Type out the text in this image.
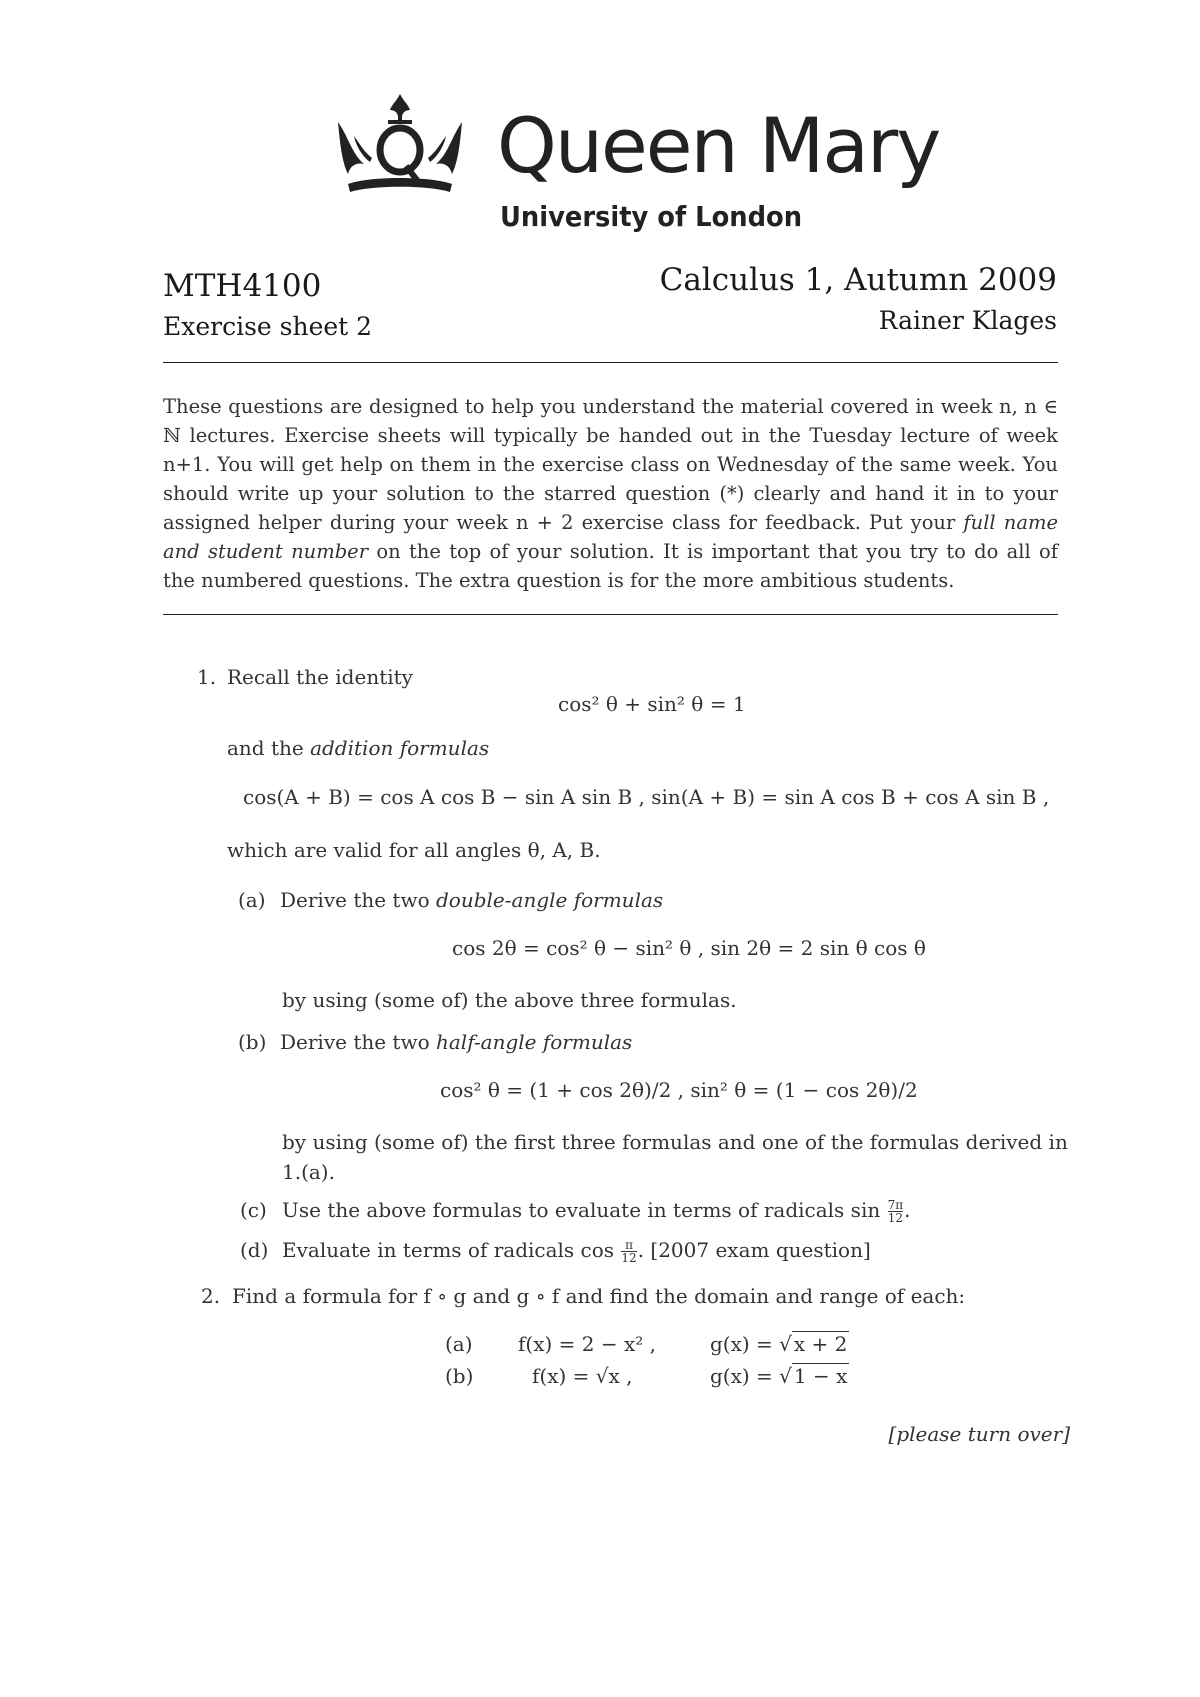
Queen Mary
University of London
MTH4100
Exercise sheet 2
Calculus 1, Autumn 2009
Rainer Klages
These questions are designed to help you understand the material covered in week n, n ∈ ℕ lectures. Exercise sheets will typically be handed out in the Tuesday lecture of week n+1. You will get help on them in the exercise class on Wednesday of the same week. You should write up your solution to the starred question (*) clearly and hand it in to your assigned helper during your week n + 2 exercise class for feedback. Put your full name and student number on the top of your solution. It is important that you try to do all of the numbered questions. The extra question is for the more ambitious students.
1. Recall the identity
cos² θ + sin² θ = 1
and the addition formulas
cos(A + B) = cos A cos B − sin A sin B , sin(A + B) = sin A cos B + cos A sin B ,
which are valid for all angles θ, A, B.
(a) Derive the two double-angle formulas
cos 2θ = cos² θ − sin² θ , sin 2θ = 2 sin θ cos θ
by using (some of) the above three formulas.
(b) Derive the two half-angle formulas
cos² θ = (1 + cos 2θ)/2 , sin² θ = (1 − cos 2θ)/2
by using (some of) the first three formulas and one of the formulas derived in
1.(a).
(c) Use the above formulas to evaluate in terms of radicals $\sin \frac{7\pi}{12}$ .
(d) Evaluate in terms of radicals $\cos \frac{\pi}{12}$ . [2007 exam question]
2. Find a formula for f ∘ g and g ∘ f and find the domain and range of each:
(a) f(x) = 2 − x² ,	g(x) = √ x + 2
(b)	f(x) = √x ,	g(x) = √ 1 − x
[please turn over]
